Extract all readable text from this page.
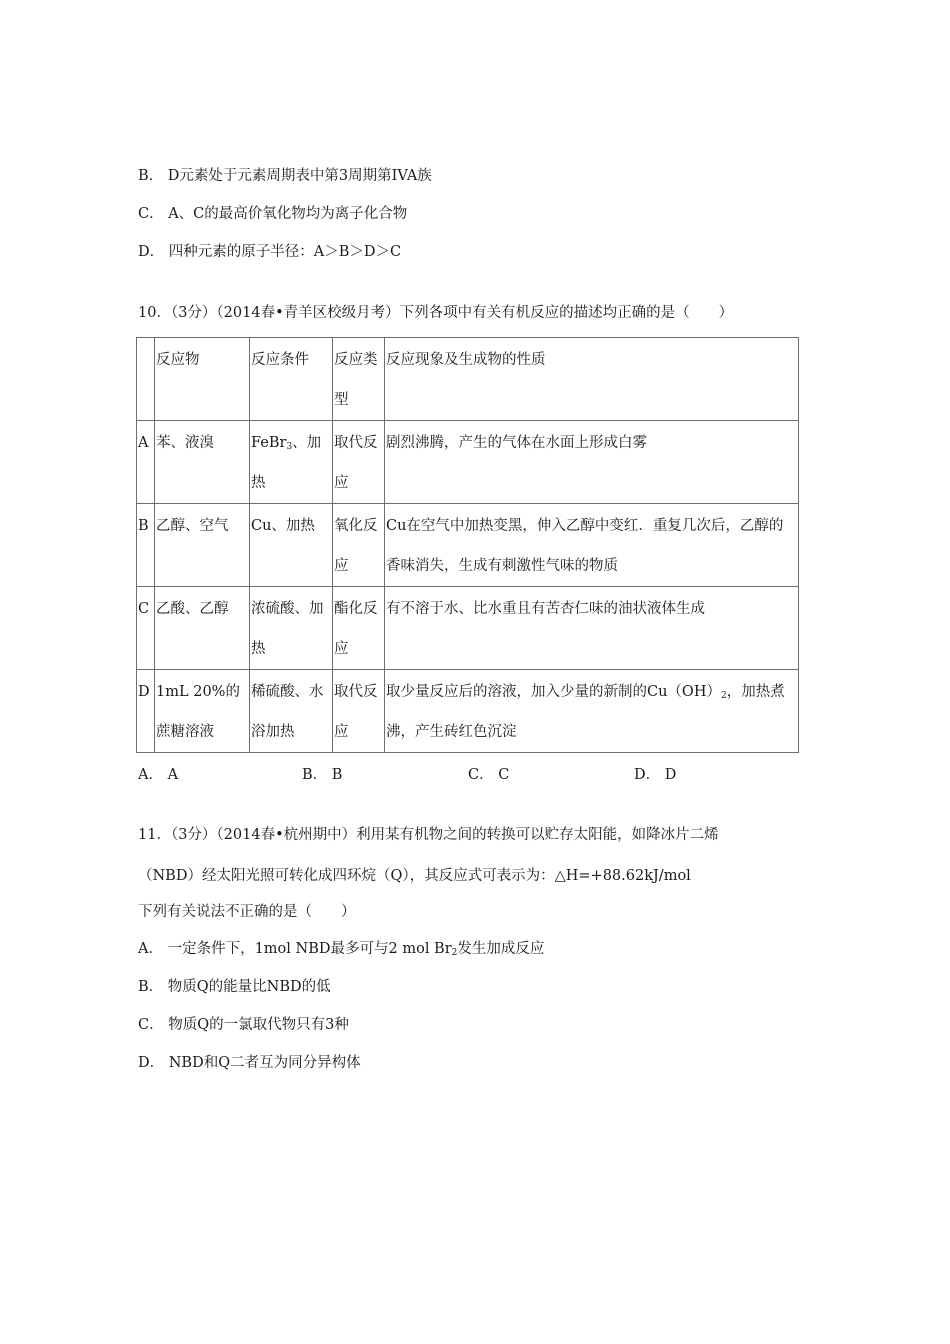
B． D元素处于元素周期表中第3周期第IVA族
C． A、C的最高价氧化物均为离子化合物
D． 四种元素的原子半径：A＞B＞D＞C
10．（3分）（2014春•青羊区校级月考）下列各项中有关有机反应的描述均正确的是（　　）
	反应物	反应条件	反应类型	反应现象及生成物的性质
A	苯、液溴	FeBr$_3$、加热	取代反应	剧烈沸腾，产生的气体在水面上形成白雾
B	乙醇、空气	Cu、加热	氧化反应	Cu在空气中加热变黑，伸入乙醇中变红．重复几次后，乙醇的香味消失，生成有刺激性气味的物质
C	乙酸、乙醇	浓硫酸、加热	酯化反应	有不溶于水、比水重且有苦杏仁味的油状液体生成
D	1mL 20%的蔗糖溶液	稀硫酸、水浴加热	取代反应	取少量反应后的溶液，加入少量的新制的$Cu(OH)_2$，加热煮沸，产生砖红色沉淀
A． A	B． B	C． C	D． D
11．（3分）（2014春•杭州期中）利用某有机物之间的转换可以贮存太阳能，如降冰片二烯
（NBD）经太阳光照可转化成四环烷（Q），其反应式可表示为：△H=+88.62kJ/mol
下列有关说法不正确的是（　　）
A． 一定条件下，1mol NBD最多可与2 mol $Br_2$发生加成反应
B． 物质Q的能量比NBD的低
C． 物质Q的一氯取代物只有3种
D． NBD和Q二者互为同分异构体
